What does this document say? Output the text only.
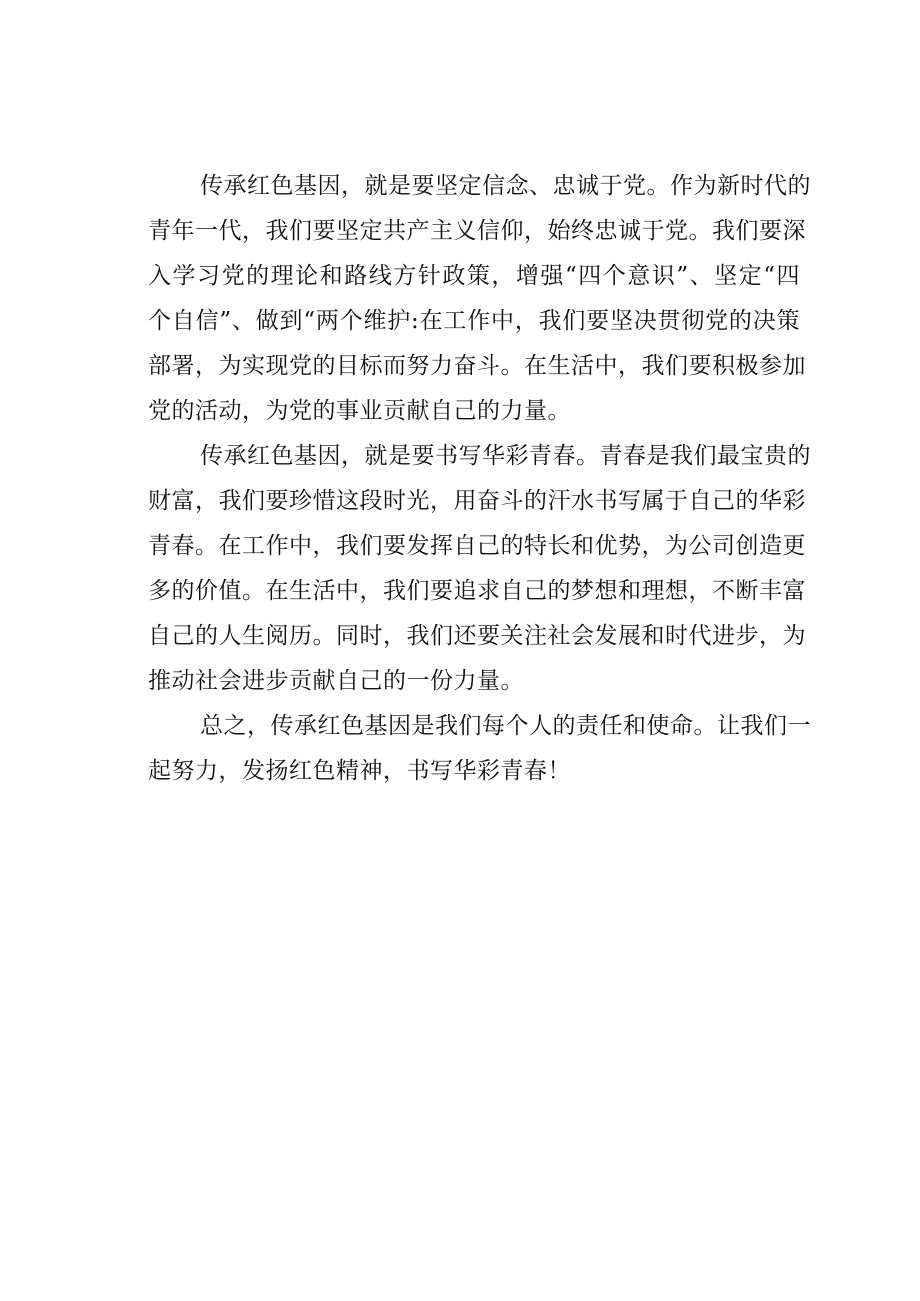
传承红色基因，就是要坚定信念、忠诚于党。作为新时代的
青年一代，我们要坚定共产主义信仰，始终忠诚于党。我们要深
入学习党的理论和路线方针政策，增强“四个意识”、坚定“四
个自信”、做到“两个维护:在工作中，我们要坚决贯彻党的决策
部署，为实现党的目标而努力奋斗。在生活中，我们要积极参加
党的活动，为党的事业贡献自己的力量。
传承红色基因，就是要书写华彩青春。青春是我们最宝贵的
财富，我们要珍惜这段时光，用奋斗的汗水书写属于自己的华彩
青春。在工作中，我们要发挥自己的特长和优势，为公司创造更
多的价值。在生活中，我们要追求自己的梦想和理想，不断丰富
自己的人生阅历。同时，我们还要关注社会发展和时代进步，为
推动社会进步贡献自己的一份力量。
总之，传承红色基因是我们每个人的责任和使命。让我们一
起努力，发扬红色精神，书写华彩青春！
